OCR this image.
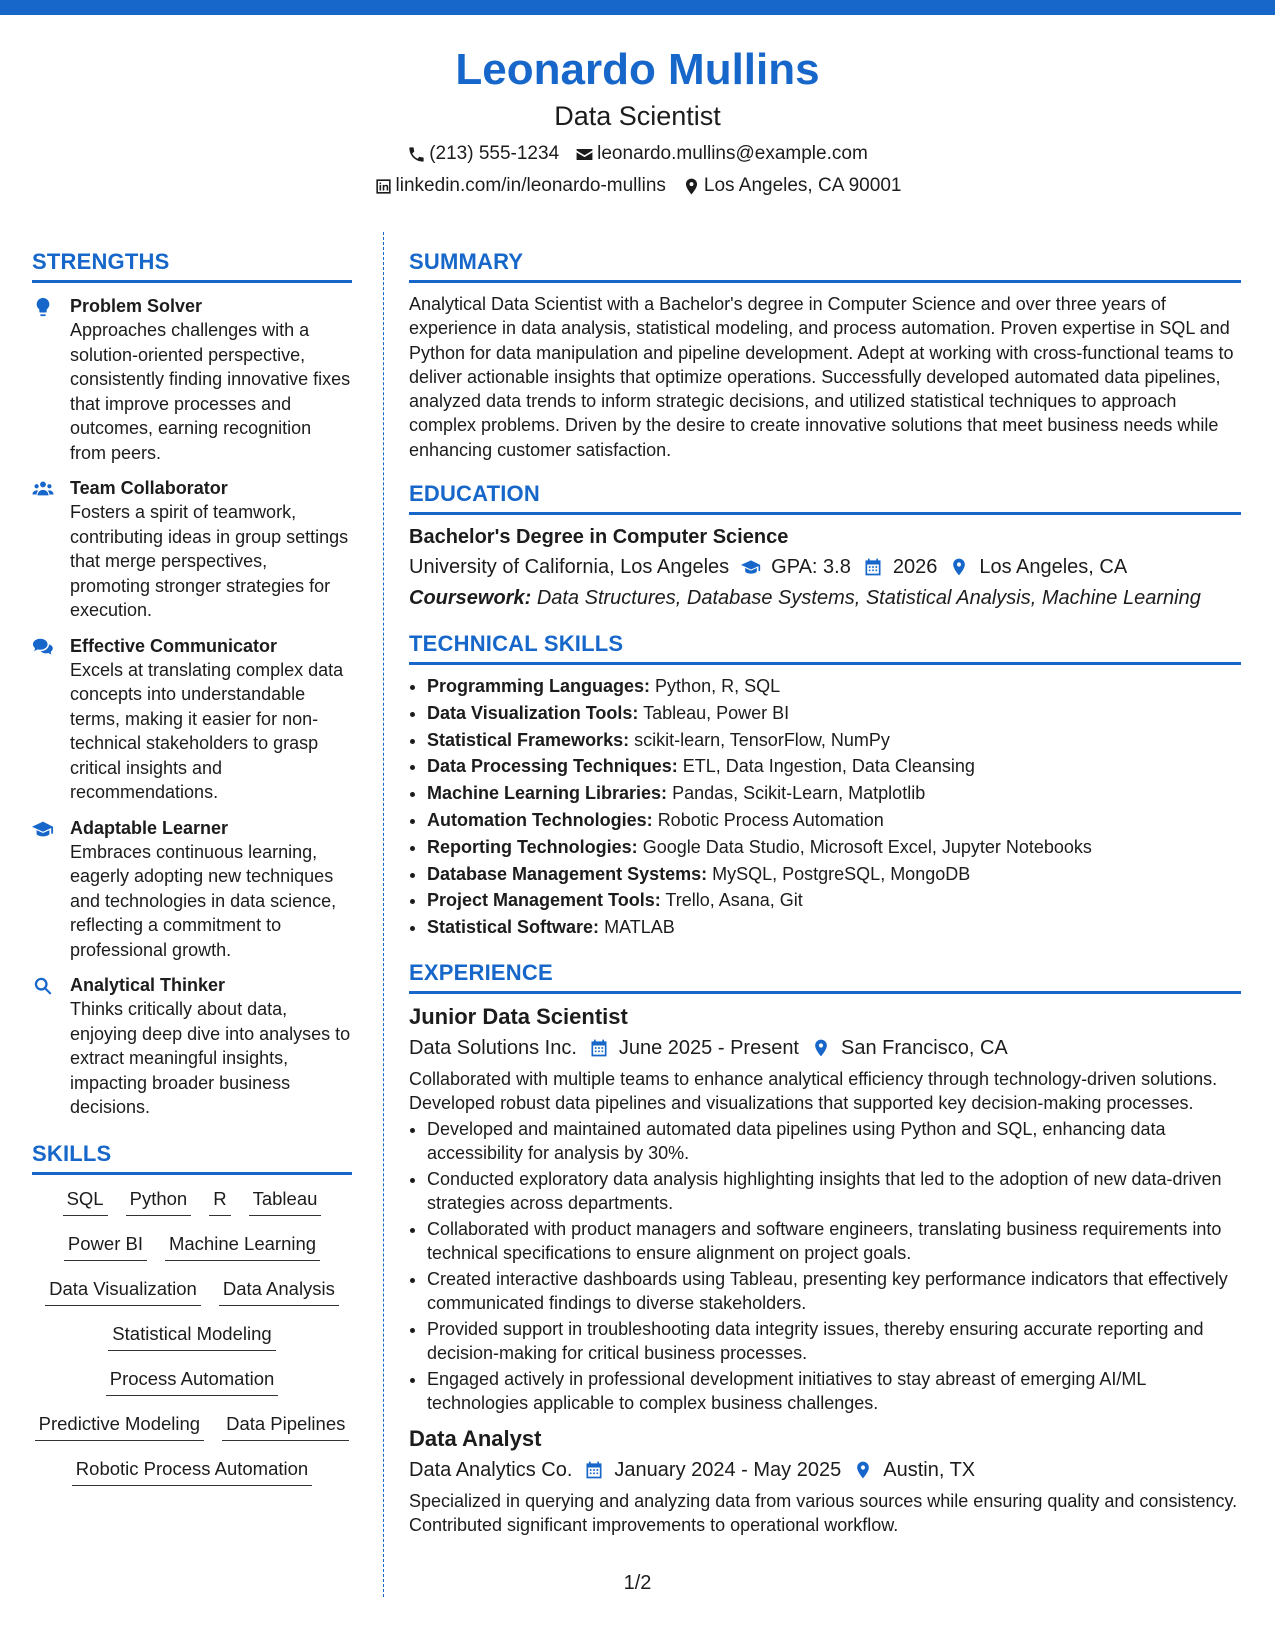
Leonardo Mullins
Data Scientist
(213) 555-1234 leonardo.mullins@example.com
linkedin.com/in/leonardo-mullins Los Angeles, CA 90001
STRENGTHS
Problem Solver
Approaches challenges with a solution-oriented perspective, consistently finding innovative fixes that improve processes and outcomes, earning recognition from peers.
Team Collaborator
Fosters a spirit of teamwork, contributing ideas in group settings that merge perspectives, promoting stronger strategies for execution.
Effective Communicator
Excels at translating complex data concepts into understandable terms, making it easier for non-technical stakeholders to grasp critical insights and recommendations.
Adaptable Learner
Embraces continuous learning, eagerly adopting new techniques and technologies in data science, reflecting a commitment to professional growth.
Analytical Thinker
Thinks critically about data, enjoying deep dive into analyses to extract meaningful insights, impacting broader business decisions.
SKILLS
SQL Python R Tableau
Power BI Machine Learning
Data Visualization Data Analysis
Statistical Modeling
Process Automation
Predictive Modeling Data Pipelines
Robotic Process Automation
SUMMARY
Analytical Data Scientist with a Bachelor's degree in Computer Science and over three years of experience in data analysis, statistical modeling, and process automation. Proven expertise in SQL and Python for data manipulation and pipeline development. Adept at working with cross-functional teams to deliver actionable insights that optimize operations. Successfully developed automated data pipelines, analyzed data trends to inform strategic decisions, and utilized statistical techniques to approach complex problems. Driven by the desire to create innovative solutions that meet business needs while enhancing customer satisfaction.
EDUCATION
Bachelor's Degree in Computer Science
University of California, Los Angeles GPA: 3.8 2026 Los Angeles, CA
Coursework: Data Structures, Database Systems, Statistical Analysis, Machine Learning
TECHNICAL SKILLS
• Programming Languages: Python, R, SQL
• Data Visualization Tools: Tableau, Power BI
• Statistical Frameworks: scikit-learn, TensorFlow, NumPy
• Data Processing Techniques: ETL, Data Ingestion, Data Cleansing
• Machine Learning Libraries: Pandas, Scikit-Learn, Matplotlib
• Automation Technologies: Robotic Process Automation
• Reporting Technologies: Google Data Studio, Microsoft Excel, Jupyter Notebooks
• Database Management Systems: MySQL, PostgreSQL, MongoDB
• Project Management Tools: Trello, Asana, Git
• Statistical Software: MATLAB
EXPERIENCE
Junior Data Scientist
Data Solutions Inc. June 2025 - Present San Francisco, CA
Collaborated with multiple teams to enhance analytical efficiency through technology-driven solutions. Developed robust data pipelines and visualizations that supported key decision-making processes.
• Developed and maintained automated data pipelines using Python and SQL, enhancing data accessibility for analysis by 30%.
• Conducted exploratory data analysis highlighting insights that led to the adoption of new data-driven strategies across departments.
• Collaborated with product managers and software engineers, translating business requirements into technical specifications to ensure alignment on project goals.
• Created interactive dashboards using Tableau, presenting key performance indicators that effectively communicated findings to diverse stakeholders.
• Provided support in troubleshooting data integrity issues, thereby ensuring accurate reporting and decision-making for critical business processes.
• Engaged actively in professional development initiatives to stay abreast of emerging AI/ML technologies applicable to complex business challenges.
Data Analyst
Data Analytics Co. January 2024 - May 2025 Austin, TX
Specialized in querying and analyzing data from various sources while ensuring quality and consistency. Contributed significant improvements to operational workflow.
1/2
